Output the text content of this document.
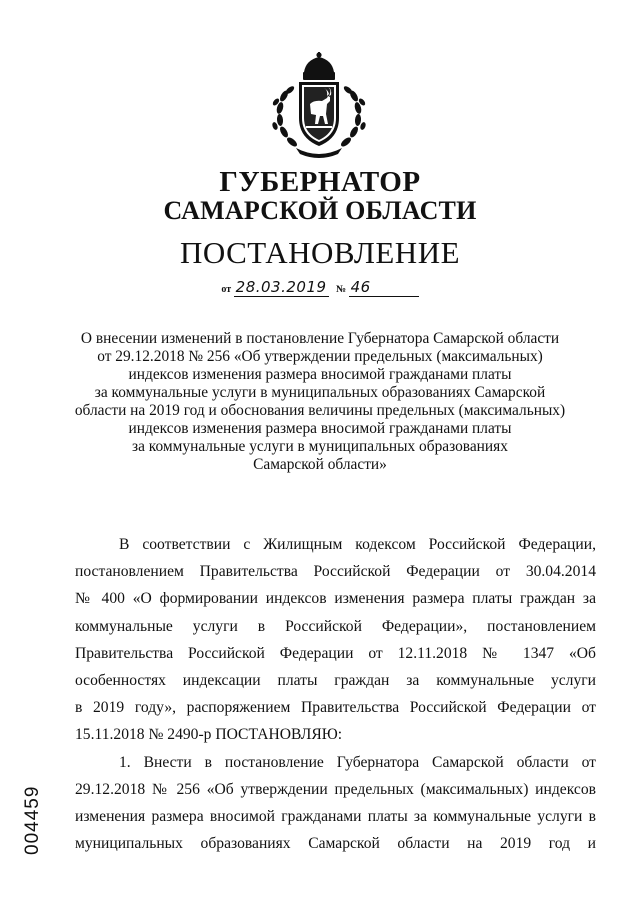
ГУБЕРНАТОР
САМАРСКОЙ ОБЛАСТИ
ПОСТАНОВЛЕНИЕ
от 28.03.2019 № 46
О внесении изменений в постановление Губернатора Самарской области
от 29.12.2018 № 256 «Об утверждении предельных (максимальных)
индексов изменения размера вносимой гражданами платы
за коммунальные услуги в муниципальных образованиях Самарской
области на 2019 год и обоснования величины предельных (максимальных)
индексов изменения размера вносимой гражданами платы
за коммунальные услуги в муниципальных образованиях
Самарской области»
В соответствии с Жилищным кодексом Российской Федерации,
постановлением Правительства Российской Федерации от 30.04.2014
№ 400 «О формировании индексов изменения размера платы граждан за
коммунальные услуги в Российской Федерации», постановлением
Правительства Российской Федерации от 12.11.2018 № 1347 «Об
особенностях индексации платы граждан за коммунальные услуги
в 2019 году», распоряжением Правительства Российской Федерации от
15.11.2018 № 2490-р ПОСТАНОВЛЯЮ:
1. Внести в постановление Губернатора Самарской области от
29.12.2018 № 256 «Об утверждении предельных (максимальных) индексов
изменения размера вносимой гражданами платы за коммунальные услуги в
муниципальных образованиях Самарской области на 2019 год и
004459
